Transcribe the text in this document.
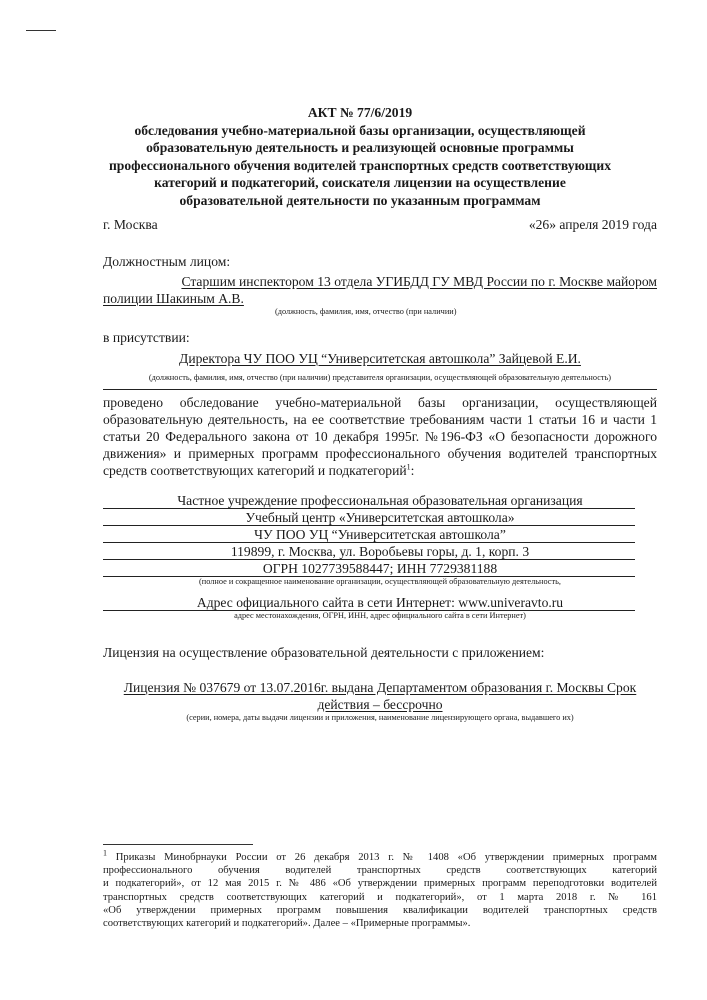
АКТ № 77/6/2019
обследования учебно-материальной базы организации, осуществляющей
образовательную деятельность и реализующей основные программы
профессионального обучения водителей транспортных средств соответствующих
категорий и подкатегорий, соискателя лицензии на осуществление
образовательной деятельности по указанным программам
г. Москва	«26» апреля 2019 года
Должностным лицом:
Старшим инспектором 13 отдела УГИБДД ГУ МВД России по г. Москве майором
полиции Шакиным А.В.
(должность, фамилия, имя, отчество (при наличии)
в присутствии:
Директора ЧУ ПОО УЦ “Университетская автошкола” Зайцевой Е.И.
(должность, фамилия, имя, отчество (при наличии) представителя организации, осуществляющей образовательную деятельность)
проведено обследование учебно-материальной базы организации, осуществляющей
образовательную деятельность, на ее соответствие требованиям части 1 статьи 16 и части 1
статьи 20 Федерального закона от 10 декабря 1995г. №196-ФЗ «О безопасности дорожного
движения» и примерных программ профессионального обучения водителей транспортных
средств соответствующих категорий и подкатегорий$^1$:
Частное учреждение профессиональная образовательная организация
Учебный центр «Университетская автошкола»
ЧУ ПОО УЦ “Университетская автошкола”
119899, г. Москва, ул. Воробьевы горы, д. 1, корп. 3
ОГРН 1027739588447; ИНН 7729381188
(полное и сокращенное наименование организации, осуществляющей образовательную деятельность,
Адрес официального сайта в сети Интернет: www.univeravto.ru
адрес местонахождения, ОГРН, ИНН, адрес официального сайта в сети Интернет)
Лицензия на осуществление образовательной деятельности с приложением:
Лицензия № 037679 от 13.07.2016г. выдана Департаментом образования г. Москвы Срок
действия – бессрочно
(серии, номера, даты выдачи лицензии и приложения, наименование лицензирующего органа, выдавшего их)
$^1$ Приказы Минобрнауки России от 26 декабря 2013 г. № 1408 «Об утверждении примерных программ
профессионального обучения водителей транспортных средств соответствующих категорий
и подкатегорий», от 12 мая 2015 г. № 486 «Об утверждении примерных программ переподготовки водителей
транспортных средств соответствующих категорий и подкатегорий», от 1 марта 2018 г. № 161
«Об утверждении примерных программ повышения квалификации водителей транспортных средств
соответствующих категорий и подкатегорий». Далее – «Примерные программы».
